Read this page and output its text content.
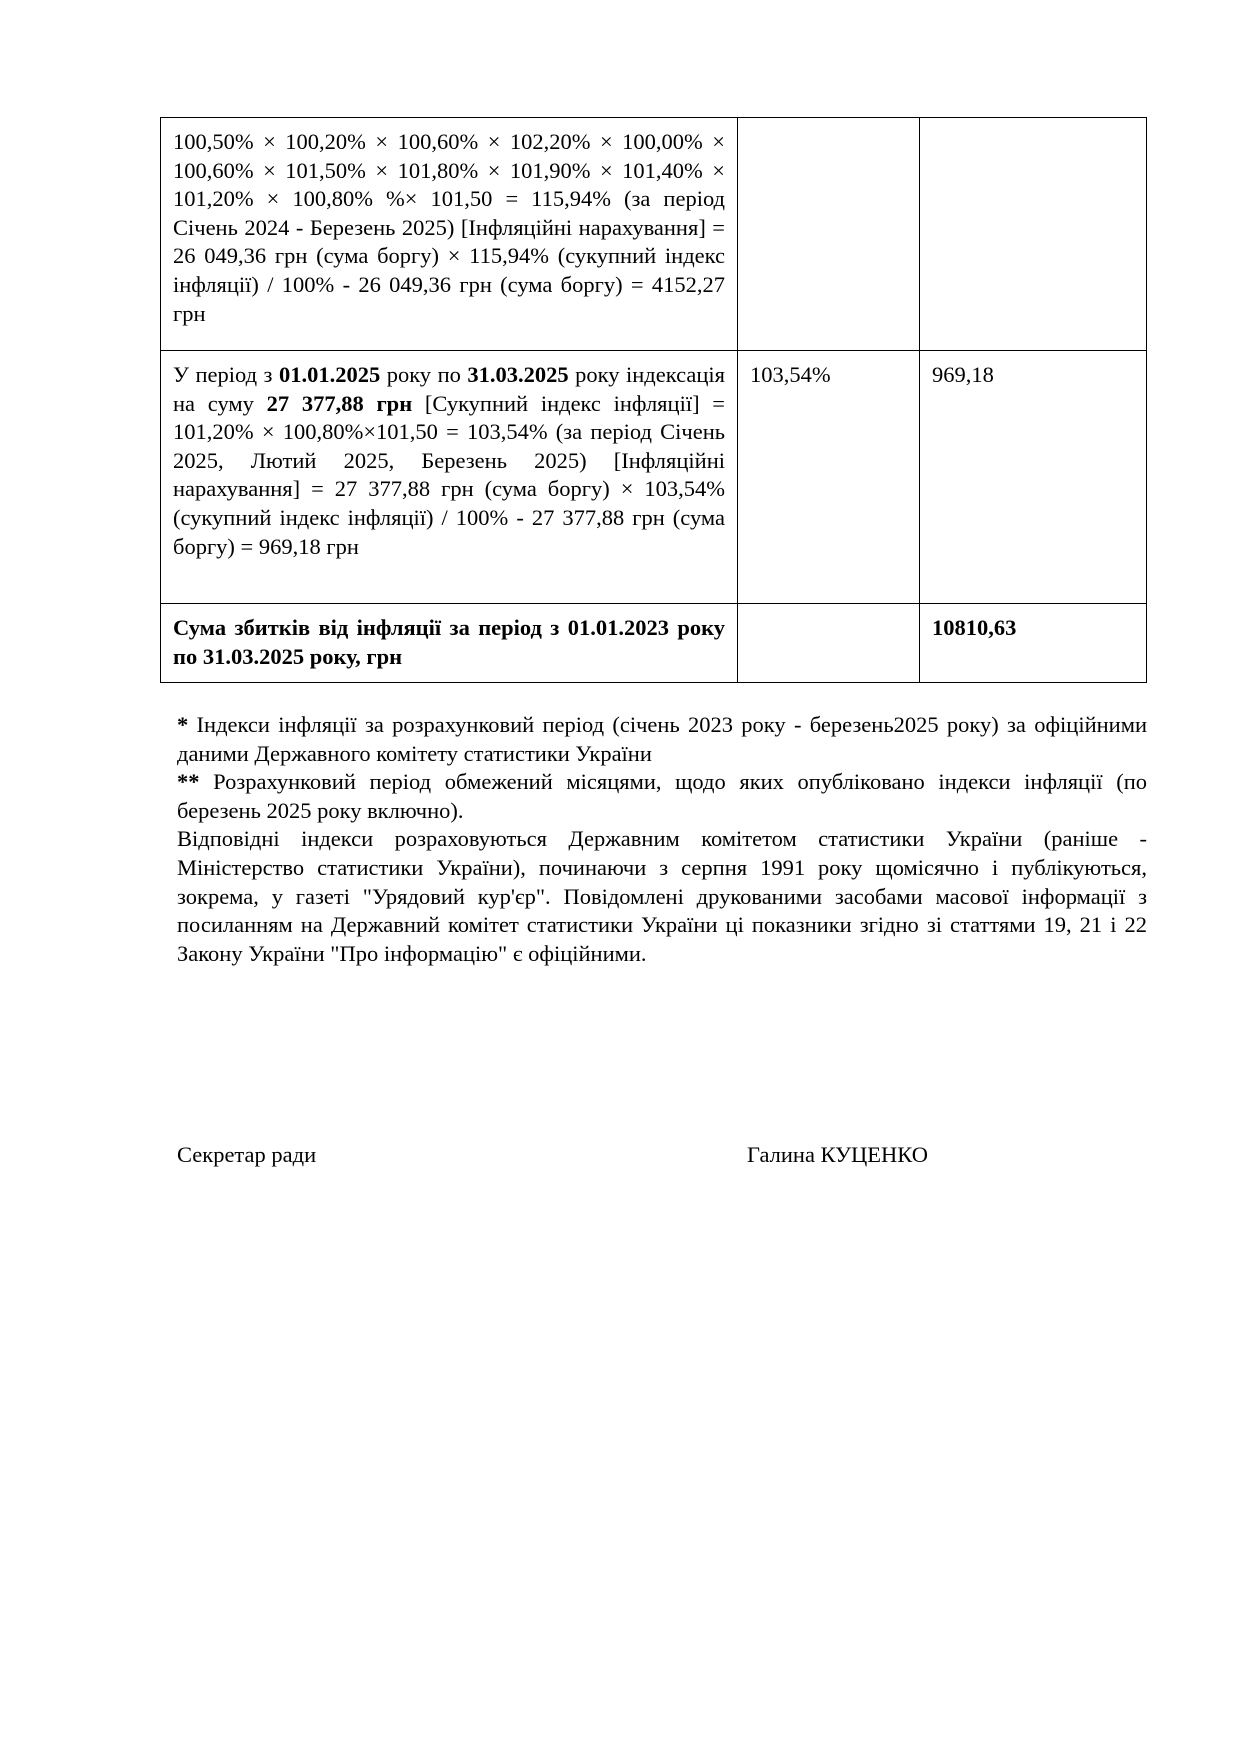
100,50% × 100,20% × 100,60% × 102,20% × 100,00% × 100,60% × 101,50% × 101,80% × 101,90% × 101,40% × 101,20% × 100,80% %× 101,50 = 115,94% (за період Січень 2024 - Березень 2025) [Інфляційні нарахування] = 26 049,36 грн (сума боргу) × 115,94% (сукупний індекс інфляції) / 100% - 26 049,36 грн (сума боргу) = 4152,27 грн		
У період з 01.01.2025 року по 31.03.2025 року індексація на суму 27 377,88 грн [Сукупний індекс інфляції] = 101,20% × 100,80%×101,50 = 103,54% (за період Січень 2025, Лютий 2025, Березень 2025) [Інфляційні нарахування] = 27 377,88 грн (сума боргу) × 103,54% (сукупний індекс інфляції) / 100% - 27 377,88 грн (сума боргу) = 969,18 грн	103,54%	969,18
Сума збитків від інфляції за період з 01.01.2023 року по 31.03.2025 року, грн		10810,63

* Індекси інфляції за розрахунковий період (січень 2023 року - березень2025 року) за офіційними даними Державного комітету статистики України

** Розрахунковий період обмежений місяцями, щодо яких опубліковано індекси інфляції (по березень 2025 року включно).

Відповідні індекси розраховуються Державним комітетом статистики України (раніше - Міністерство статистики України), починаючи з серпня 1991 року щомісячно і публікуються, зокрема, у газеті "Урядовий кур'єр". Повідомлені друкованими засобами масової інформації з посиланням на Державний комітет статистики України ці показники згідно зі статтями 19, 21 і 22 Закону України "Про інформацію" є офіційними.

Секретар ради	Галина КУЦЕНКО
